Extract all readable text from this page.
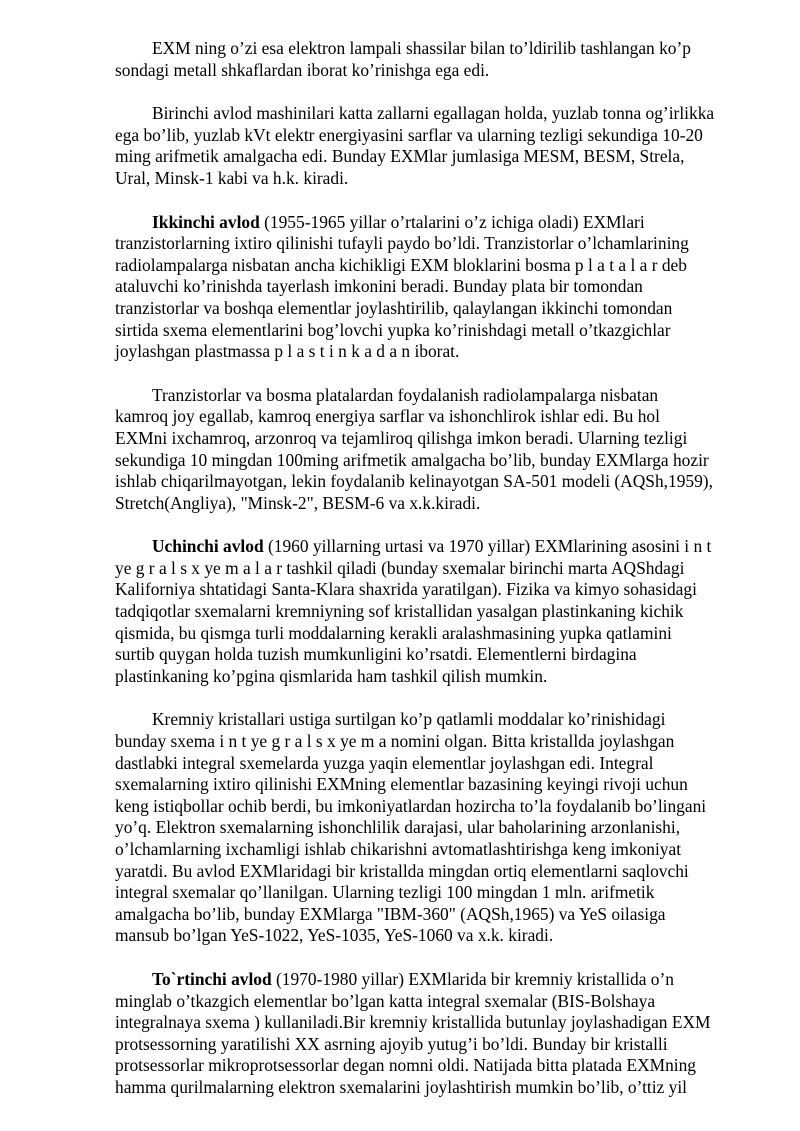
EXM ning o’zi esa elektron lampali shassilar bilan to’ldirilib tashlangan ko’p
sondagi metall shkaflardan iborat ko’rinishga ega edi.

Birinchi avlod mashinilari katta zallarni egallagan holda, yuzlab tonna og’irlikka
ega bo’lib, yuzlab kVt elektr energiyasini sarflar va ularning tezligi sekundiga 10-20
ming arifmetik amalgacha edi. Bunday EXMlar jumlasiga MESM, BESM, Strela,
Ural, Minsk-1 kabi va h.k. kiradi.

Ikkinchi avlod (1955-1965 yillar o’rtalarini o’z ichiga oladi) EXMlari
tranzistorlarning ixtiro qilinishi tufayli paydo bo’ldi. Tranzistorlar o’lchamlarining
radiolampalarga nisbatan ancha kichikligi EXM bloklarini bosma p l a t a l a r deb
ataluvchi ko’rinishda tayerlash imkonini beradi. Bunday plata bir tomondan
tranzistorlar va boshqa elementlar joylashtirilib, qalaylangan ikkinchi tomondan
sirtida sxema elementlarini bog’lovchi yupka ko’rinishdagi metall o’tkazgichlar
joylashgan plastmassa p l a s t i n k a d a n iborat.

Tranzistorlar va bosma platalardan foydalanish radiolampalarga nisbatan
kamroq joy egallab, kamroq energiya sarflar va ishonchlirok ishlar edi. Bu hol
EXMni ixchamroq, arzonroq va tejamliroq qilishga imkon beradi. Ularning tezligi
sekundiga 10 mingdan 100ming arifmetik amalgacha bo’lib, bunday EXMlarga hozir
ishlab chiqarilmayotgan, lekin foydalanib kelinayotgan SA-501 modeli (AQSh,1959),
Stretch(Angliya), "Minsk-2", BESM-6 va x.k.kiradi.

Uchinchi avlod (1960 yillarning urtasi va 1970 yillar) EXMlarining asosini i n t
ye g r a l s x ye m a l a r tashkil qiladi (bunday sxemalar birinchi marta AQShdagi
Kaliforniya shtatidagi Santa-Klara shaxrida yaratilgan). Fizika va kimyo sohasidagi
tadqiqotlar sxemalarni kremniyning sof kristallidan yasalgan plastinkaning kichik
qismida, bu qismga turli moddalarning kerakli aralashmasining yupka qatlamini
surtib quygan holda tuzish mumkunligini ko’rsatdi. Elementlerni birdagina
plastinkaning ko’pgina qismlarida ham tashkil qilish mumkin.

Kremniy kristallari ustiga surtilgan ko’p qatlamli moddalar ko’rinishidagi
bunday sxema i n t ye g r a l s x ye m a nomini olgan. Bitta kristallda joylashgan
dastlabki integral sxemelarda yuzga yaqin elementlar joylashgan edi. Integral
sxemalarning ixtiro qilinishi EXMning elementlar bazasining keyingi rivoji uchun
keng istiqbollar ochib berdi, bu imkoniyatlardan hozircha to’la foydalanib bo’lingani
yo’q. Elektron sxemalarning ishonchlilik darajasi, ular baholarining arzonlanishi,
o’lchamlarning ixchamligi ishlab chikarishni avtomatlashtirishga keng imkoniyat
yaratdi. Bu avlod EXMlaridagi bir kristallda mingdan ortiq elementlarni saqlovchi
integral sxemalar qo’llanilgan. Ularning tezligi 100 mingdan 1 mln. arifmetik
amalgacha bo’lib, bunday EXMlarga "IBM-360" (AQSh,1965) va YeS oilasiga
mansub bo’lgan YeS-1022, YeS-1035, YeS-1060 va x.k. kiradi.

To`rtinchi avlod (1970-1980 yillar) EXMlarida bir kremniy kristallida o’n
minglab o’tkazgich elementlar bo’lgan katta integral sxemalar (BIS-Bolshaya
integralnaya sxema ) kullaniladi.Bir kremniy kristallida butunlay joylashadigan EXM
protsessorning yaratilishi XX asrning ajoyib yutug’i bo’ldi. Bunday bir kristalli
protsessorlar mikroprotsessorlar degan nomni oldi. Natijada bitta platada EXMning
hamma qurilmalarning elektron sxemalarini joylashtirish mumkin bo’lib, o’ttiz yil
